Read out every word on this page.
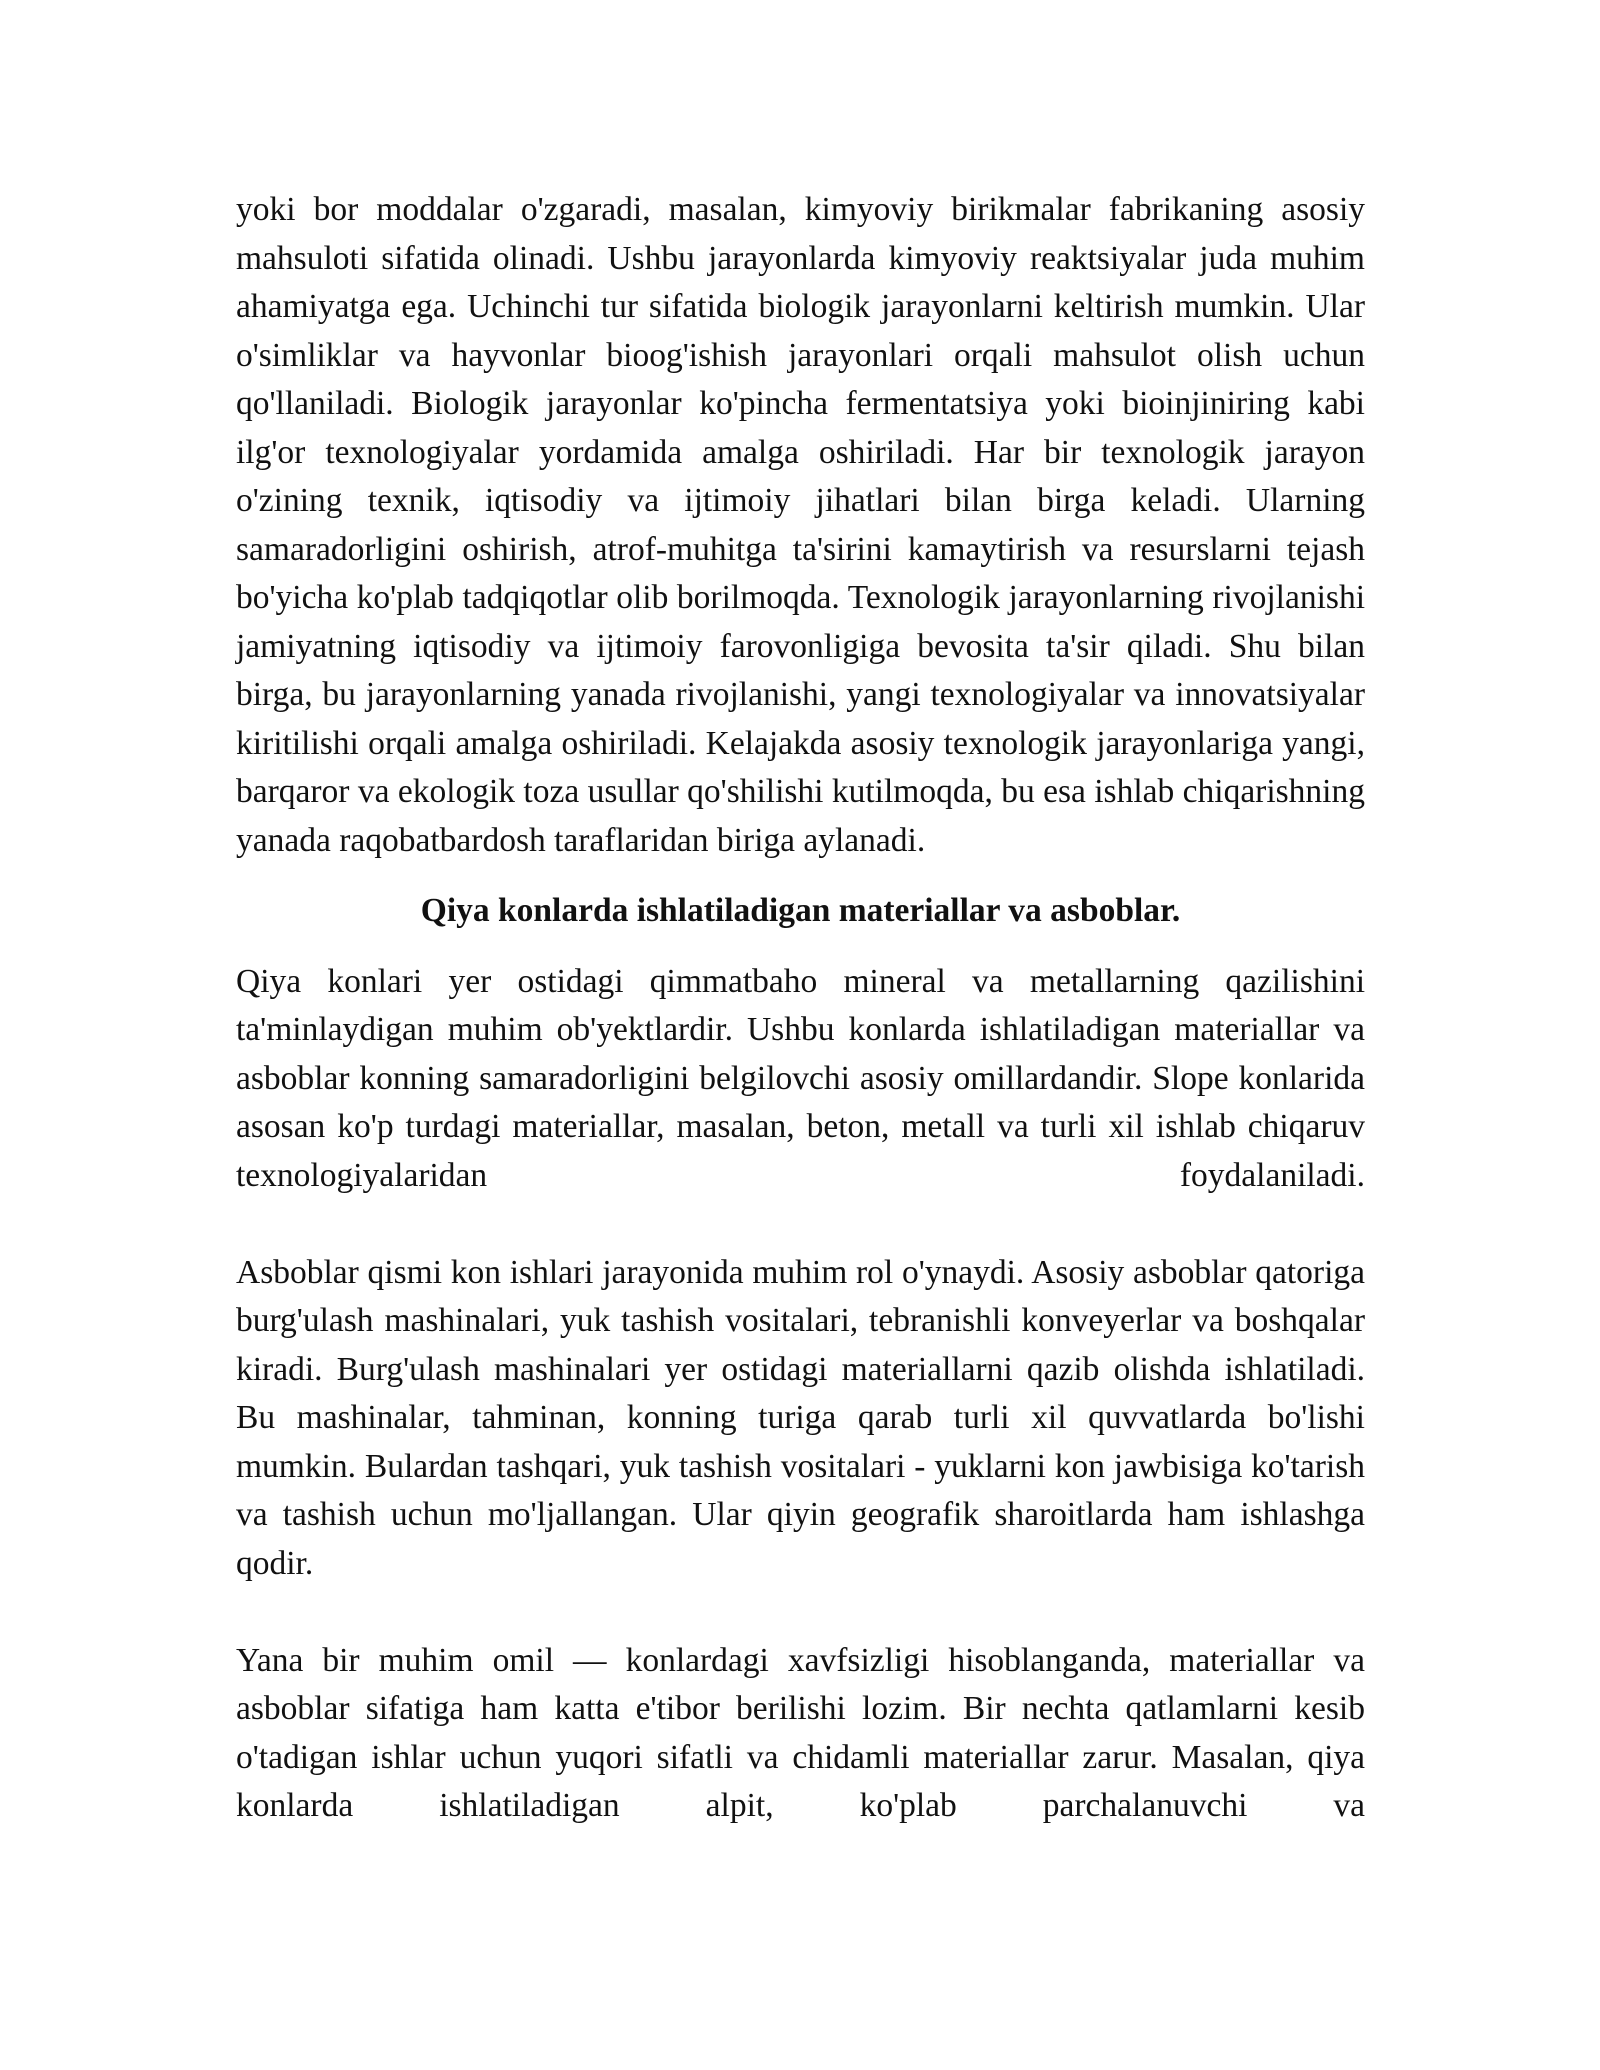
yoki bor moddalar o'zgaradi, masalan, kimyoviy birikmalar fabrikaning asosiy mahsuloti sifatida olinadi. Ushbu jarayonlarda kimyoviy reaktsiyalar juda muhim ahamiyatga ega. Uchinchi tur sifatida biologik jarayonlarni keltirish mumkin. Ular o'simliklar va hayvonlar bioog'ishish jarayonlari orqali mahsulot olish uchun qo'llaniladi. Biologik jarayonlar ko'pincha fermentatsiya yoki bioinjiniring kabi ilg'or texnologiyalar yordamida amalga oshiriladi. Har bir texnologik jarayon o'zining texnik, iqtisodiy va ijtimoiy jihatlari bilan birga keladi. Ularning samaradorligini oshirish, atrof-muhitga ta'sirini kamaytirish va resurslarni tejash bo'yicha ko'plab tadqiqotlar olib borilmoqda. Texnologik jarayonlarning rivojlanishi jamiyatning iqtisodiy va ijtimoiy farovonligiga bevosita ta'sir qiladi. Shu bilan birga, bu jarayonlarning yanada rivojlanishi, yangi texnologiyalar va innovatsiyalar kiritilishi orqali amalga oshiriladi. Kelajakda asosiy texnologik jarayonlariga yangi, barqaror va ekologik toza usullar qo'shilishi kutilmoqda, bu esa ishlab chiqarishning yanada raqobatbardosh taraflaridan biriga aylanadi.

Qiya konlarda ishlatiladigan materiallar va asboblar.

Qiya konlari yer ostidagi qimmatbaho mineral va metallarning qazilishini ta'minlaydigan muhim ob'yektlardir. Ushbu konlarda ishlatiladigan materiallar va asboblar konning samaradorligini belgilovchi asosiy omillardandir. Slope konlarida asosan ko'p turdagi materiallar, masalan, beton, metall va turli xil ishlab chiqaruv texnologiyalaridan foydalaniladi.

Asboblar qismi kon ishlari jarayonida muhim rol o'ynaydi. Asosiy asboblar qatoriga burg'ulash mashinalari, yuk tashish vositalari, tebranishli konveyerlar va boshqalar kiradi. Burg'ulash mashinalari yer ostidagi materiallarni qazib olishda ishlatiladi. Bu mashinalar, tahminan, konning turiga qarab turli xil quvvatlarda bo'lishi mumkin. Bulardan tashqari, yuk tashish vositalari - yuklarni kon jawbisiga ko'tarish va tashish uchun mo'ljallangan. Ular qiyin geografik sharoitlarda ham ishlashga qodir.

Yana bir muhim omil — konlardagi xavfsizligi hisoblanganda, materiallar va asboblar sifatiga ham katta e'tibor berilishi lozim. Bir nechta qatlamlarni kesib o'tadigan ishlar uchun yuqori sifatli va chidamli materiallar zarur. Masalan, qiya konlarda ishlatiladigan alpit, ko'plab parchalanuvchi va
